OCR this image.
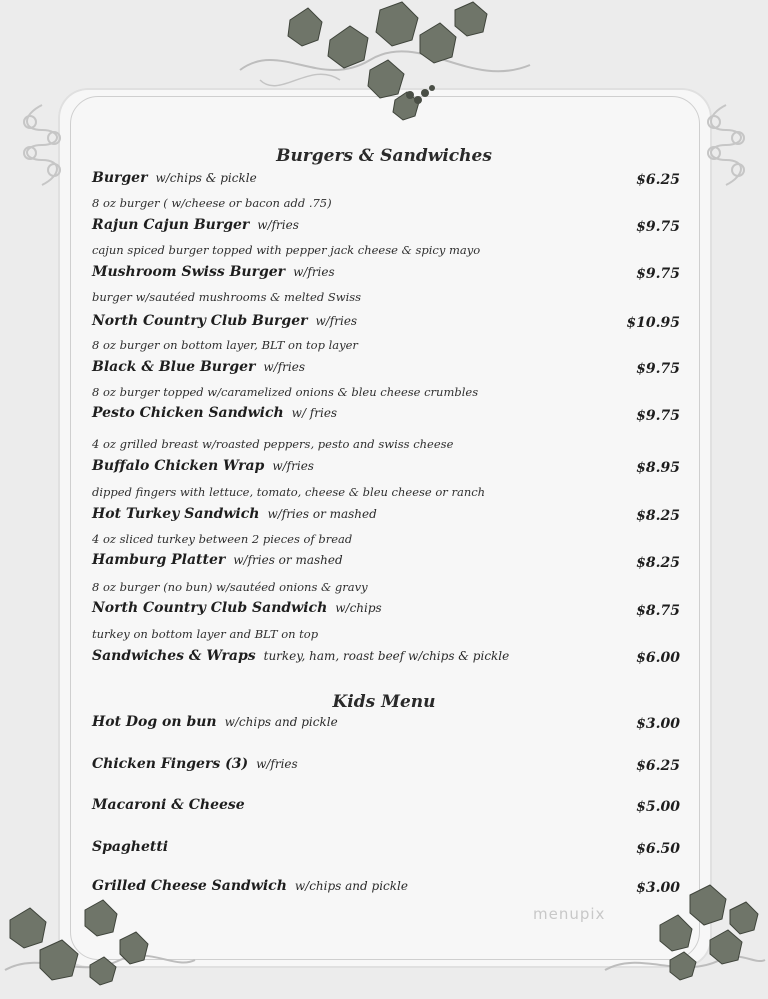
Burgers & Sandwiches
Burger w/chips & pickle	$6.25
8 oz burger ( w/cheese or bacon add .75)
Rajun Cajun Burger w/fries	$9.75
cajun spiced burger topped with pepper jack cheese & spicy mayo
Mushroom Swiss Burger w/fries	$9.75
burger w/sautéed mushrooms & melted Swiss
North Country Club Burger w/fries	$10.95
8 oz burger on bottom layer, BLT on top layer
Black & Blue Burger w/fries	$9.75
8 oz burger topped w/caramelized onions & bleu cheese crumbles
Pesto Chicken Sandwich w/ fries	$9.75
4 oz grilled breast w/roasted peppers, pesto and swiss cheese
Buffalo Chicken Wrap w/fries	$8.95
dipped fingers with lettuce, tomato, cheese & bleu cheese or ranch
Hot Turkey Sandwich w/fries or mashed	$8.25
4 oz sliced turkey between 2 pieces of bread
Hamburg Platter w/fries or mashed	$8.25
8 oz burger (no bun) w/sautéed onions & gravy
North Country Club Sandwich w/chips	$8.75
turkey on bottom layer and BLT on top
Sandwiches & Wraps turkey, ham, roast beef w/chips & pickle	$6.00
Kids Menu
Hot Dog on bun w/chips and pickle	$3.00
Chicken Fingers (3) w/fries	$6.25
Macaroni & Cheese	$5.00
Spaghetti	$6.50
Grilled Cheese Sandwich w/chips and pickle	$3.00
menupix
